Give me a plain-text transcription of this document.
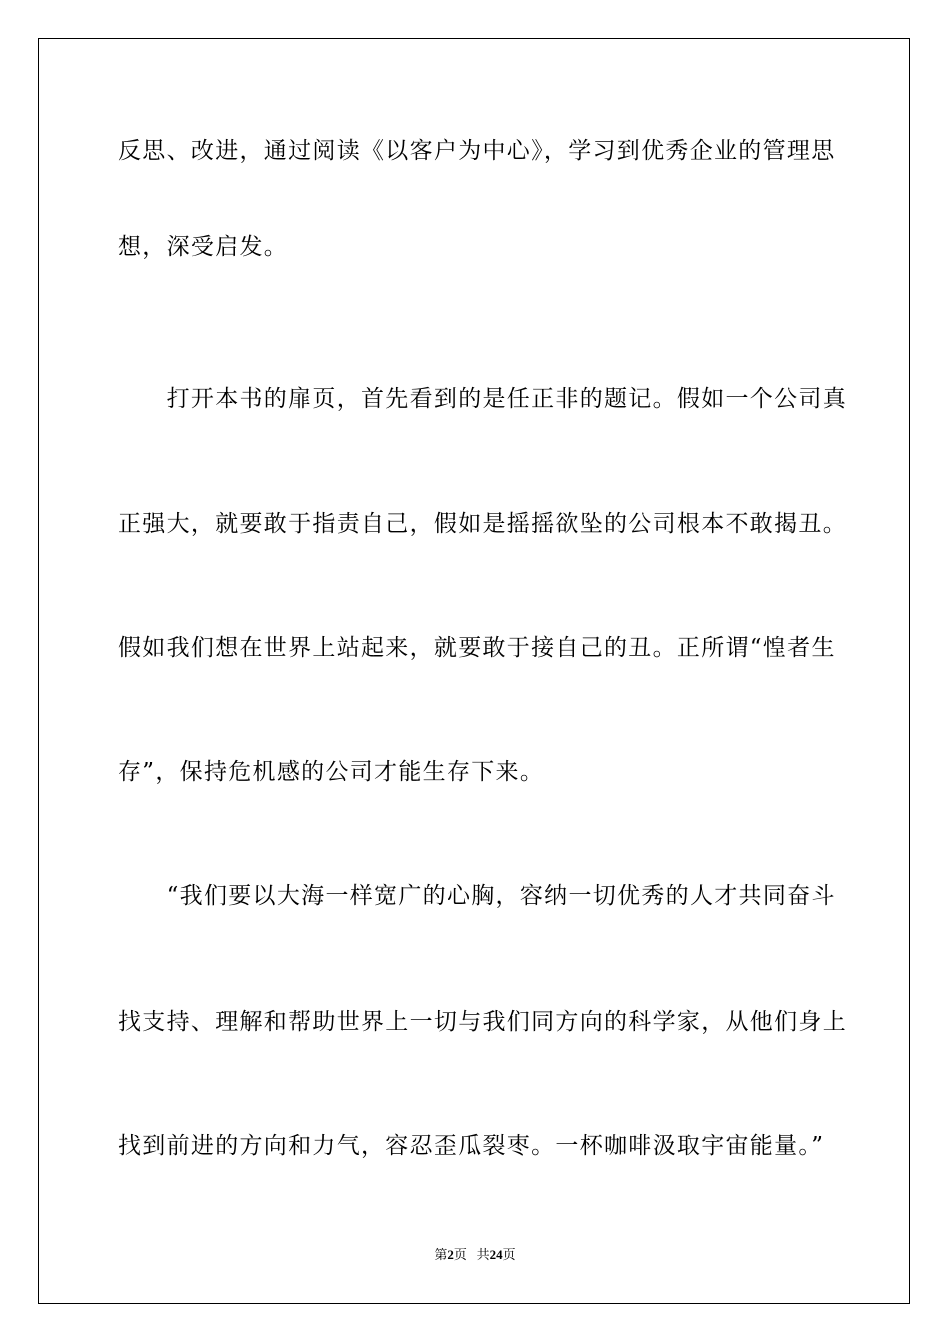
反思、改进，通过阅读《以客户为中心》，学习到优秀企业的管理思
想，深受启发。
　　打开本书的扉页，首先看到的是任正非的题记。假如一个公司真
正强大，就要敢于指责自己，假如是摇摇欲坠的公司根本不敢揭丑。
假如我们想在世界上站起来，就要敢于接自己的丑。正所谓“惶者生
存”，保持危机感的公司才能生存下来。
　　“我们要以大海一样宽广的心胸，容纳一切优秀的人才共同奋斗
找支持、理解和帮助世界上一切与我们同方向的科学家，从他们身上
找到前进的方向和力气，容忍歪瓜裂枣。一杯咖啡汲取宇宙能量。”
第2页 共24页
